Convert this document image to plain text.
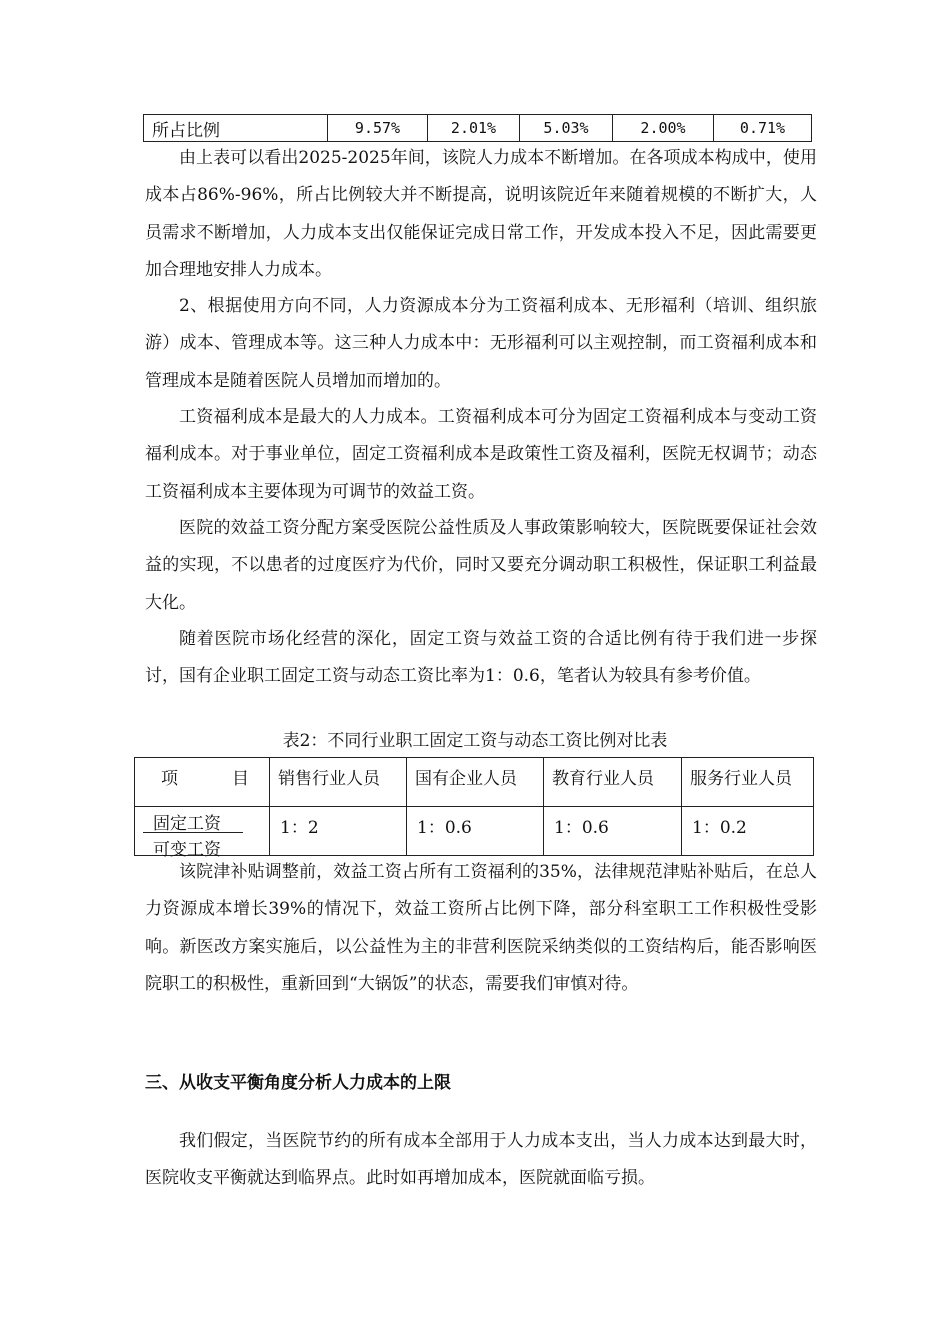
所占比例	9.57%	2.01%	5.03%	2.00%	0.71%

由上表可以看出2025-2025年间，该院人力成本不断增加。在各项成本构成中，使用成本占86%-96%，所占比例较大并不断提高，说明该院近年来随着规模的不断扩大，人员需求不断增加，人力成本支出仅能保证完成日常工作，开发成本投入不足，因此需要更加合理地安排人力成本。

2、根据使用方向不同，人力资源成本分为工资福利成本、无形福利（培训、组织旅游）成本、管理成本等。这三种人力成本中：无形福利可以主观控制，而工资福利成本和管理成本是随着医院人员增加而增加的。

工资福利成本是最大的人力成本。工资福利成本可分为固定工资福利成本与变动工资福利成本。对于事业单位，固定工资福利成本是政策性工资及福利，医院无权调节；动态工资福利成本主要体现为可调节的效益工资。

医院的效益工资分配方案受医院公益性质及人事政策影响较大，医院既要保证社会效益的实现，不以患者的过度医疗为代价，同时又要充分调动职工积极性，保证职工利益最大化。

随着医院市场化经营的深化，固定工资与效益工资的合适比例有待于我们进一步探讨，国有企业职工固定工资与动态工资比率为1：0.6，笔者认为较具有参考价值。

表2：不同行业职工固定工资与动态工资比例对比表

项 目	销售行业人员	国有企业人员	教育行业人员	服务行业人员

固定工资
可变工资	1：2	1：0.6	1：0.6	1：0.2

该院津补贴调整前，效益工资占所有工资福利的35%，法律规范津贴补贴后，在总人力资源成本增长39%的情况下，效益工资所占比例下降，部分科室职工工作积极性受影响。新医改方案实施后，以公益性为主的非营利医院采纳类似的工资结构后，能否影响医院职工的积极性，重新回到“大锅饭”的状态，需要我们审慎对待。

三、从收支平衡角度分析人力成本的上限

我们假定，当医院节约的所有成本全部用于人力成本支出，当人力成本达到最大时，医院收支平衡就达到临界点。此时如再增加成本，医院就面临亏损。
